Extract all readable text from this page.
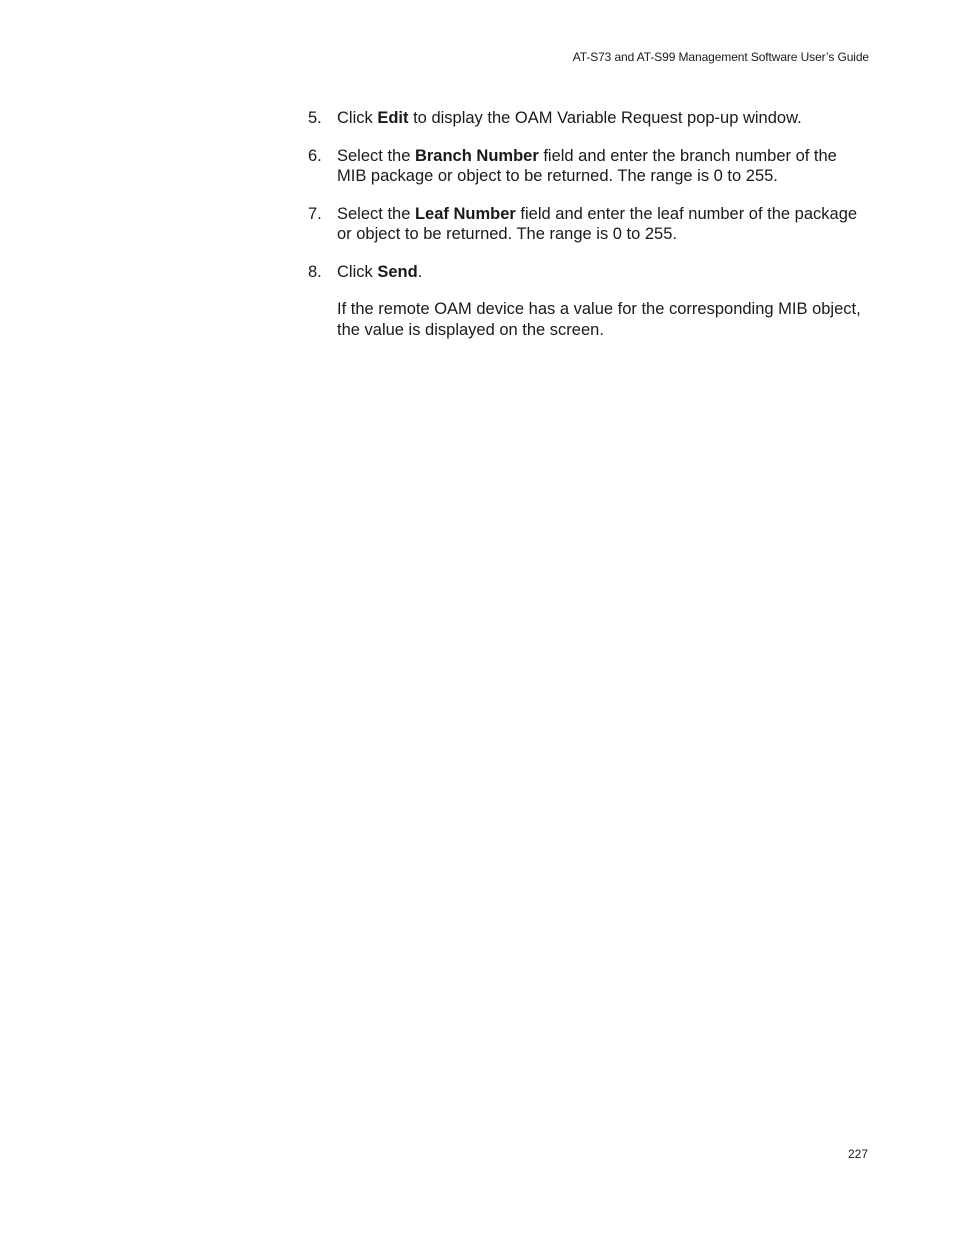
AT-S73 and AT-S99 Management Software User’s Guide
5. Click Edit to display the OAM Variable Request pop-up window.
6. Select the Branch Number field and enter the branch number of the MIB package or object to be returned. The range is 0 to 255.
7. Select the Leaf Number field and enter the leaf number of the package or object to be returned. The range is 0 to 255.
8. Click Send.
If the remote OAM device has a value for the corresponding MIB object, the value is displayed on the screen.
227
